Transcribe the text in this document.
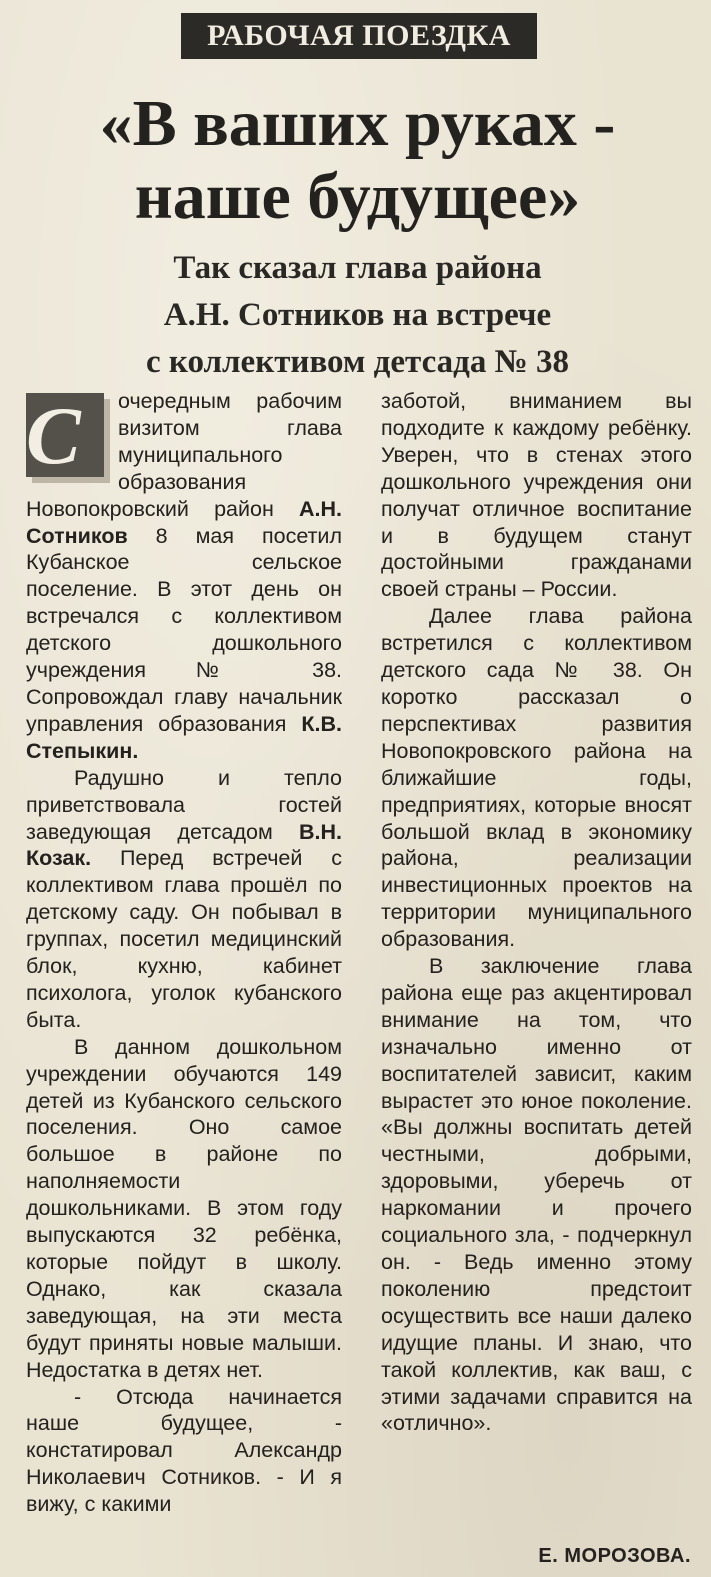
РАБОЧАЯ ПОЕЗДКА
«В ваших руках -
наше будущее»
Так сказал глава района
А.Н. Сотников на встрече
с коллективом детсада № 38

С	очередным рабочим визитом глава муниципального образования Новопокровский район А.Н. Сотников 8 мая посетил Кубанское сельское поселение. В этот день он встречался с коллективом детского дошкольного учреждения № 38. Сопровождал главу начальник управления образования К.В. Степыкин.

Радушно и тепло приветствовала гостей заведующая детсадом В.Н. Козак. Перед встречей с коллективом глава прошёл по детскому саду. Он побывал в группах, посетил медицинский блок, кухню, кабинет психолога, уголок кубанского быта.

В данном дошкольном учреждении обучаются 149 детей из Кубанского сельского поселения. Оно самое большое в районе по наполняемости дошкольниками. В этом году выпускаются 32 ребёнка, которые пойдут в школу. Однако, как сказала заведующая, на эти места будут приняты новые малыши. Недостатка в детях нет.

- Отсюда начинается наше будущее, - констатировал Александр Николаевич Сотников. - И я вижу, с какими

заботой, вниманием вы подходите к каждому ребёнку. Уверен, что в стенах этого дошкольного учреждения они получат отличное воспитание и в будущем станут достойными гражданами своей страны – России.

Далее глава района встретился с коллективом детского сада № 38. Он коротко рассказал о перспективах развития Новопокровского района на ближайшие годы, предприятиях, которые вносят большой вклад в экономику района, реализации инвестиционных проектов на территории муниципального образования.

В заключение глава района еще раз акцентировал внимание на том, что изначально именно от воспитателей зависит, каким вырастет это юное поколение. «Вы должны воспитать детей честными, добрыми, здоровыми, уберечь от наркомании и прочего социального зла, - подчеркнул он. - Ведь именно этому поколению предстоит осуществить все наши далеко идущие планы. И знаю, что такой коллектив, как ваш, с этими задачами справится на «отлично».

Е. МОРОЗОВА.
